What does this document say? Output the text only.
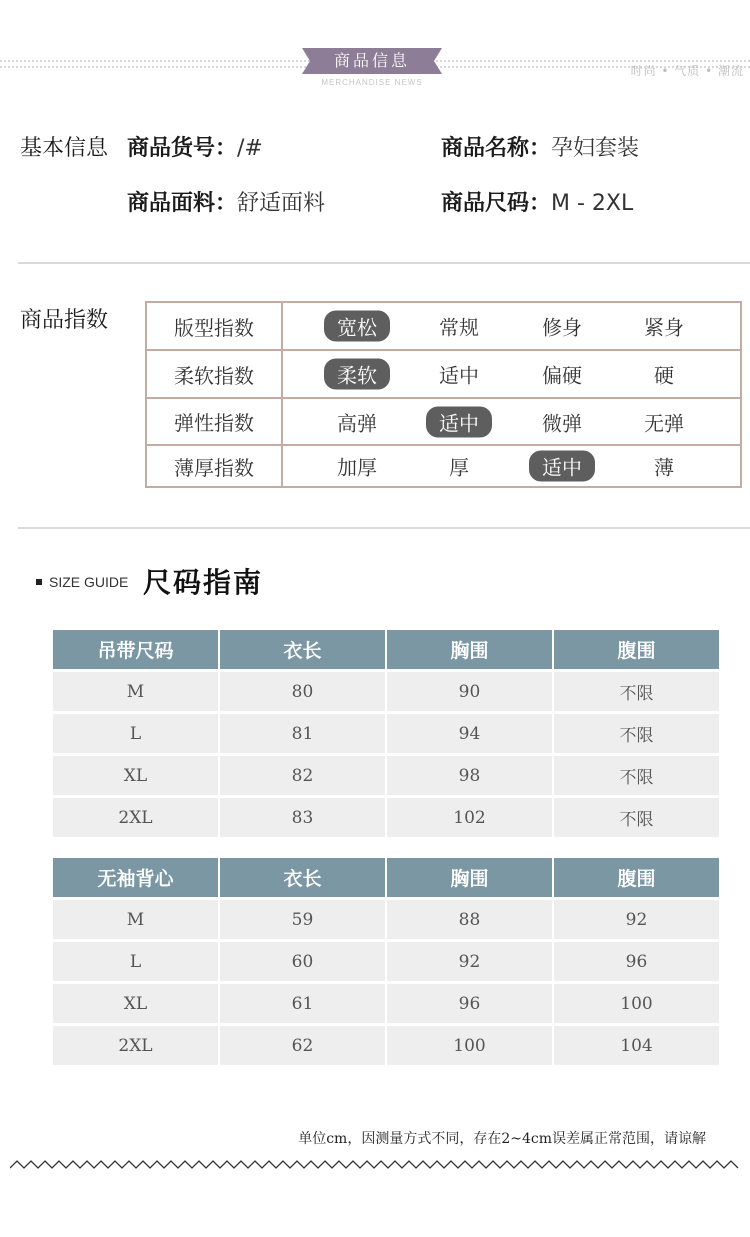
商品信息
MERCHANDISE NEWS
时尚 • 气质 • 潮流
基本信息 商品货号：/#	商品名称：孕妇套装
商品面料：舒适面料	商品尺码：M - 2XL
商品指数	版型指数	宽松	常规	修身	紧身
柔软指数	柔软	适中	偏硬	硬
弹性指数	高弹	适中	微弹	无弹
薄厚指数	加厚	厚	适中	薄
SIZE GUIDE 尺码指南
吊带尺码	衣长	胸围	腹围
M	80	90	不限
L	81	94	不限
XL	82	98	不限
2XL	83	102	不限
无袖背心	衣长	胸围	腹围
M	59	88	92
L	60	92	96
XL	61	96	100
2XL	62	100	104
单位cm，因测量方式不同，存在2~4cm误差属正常范围，请谅解
